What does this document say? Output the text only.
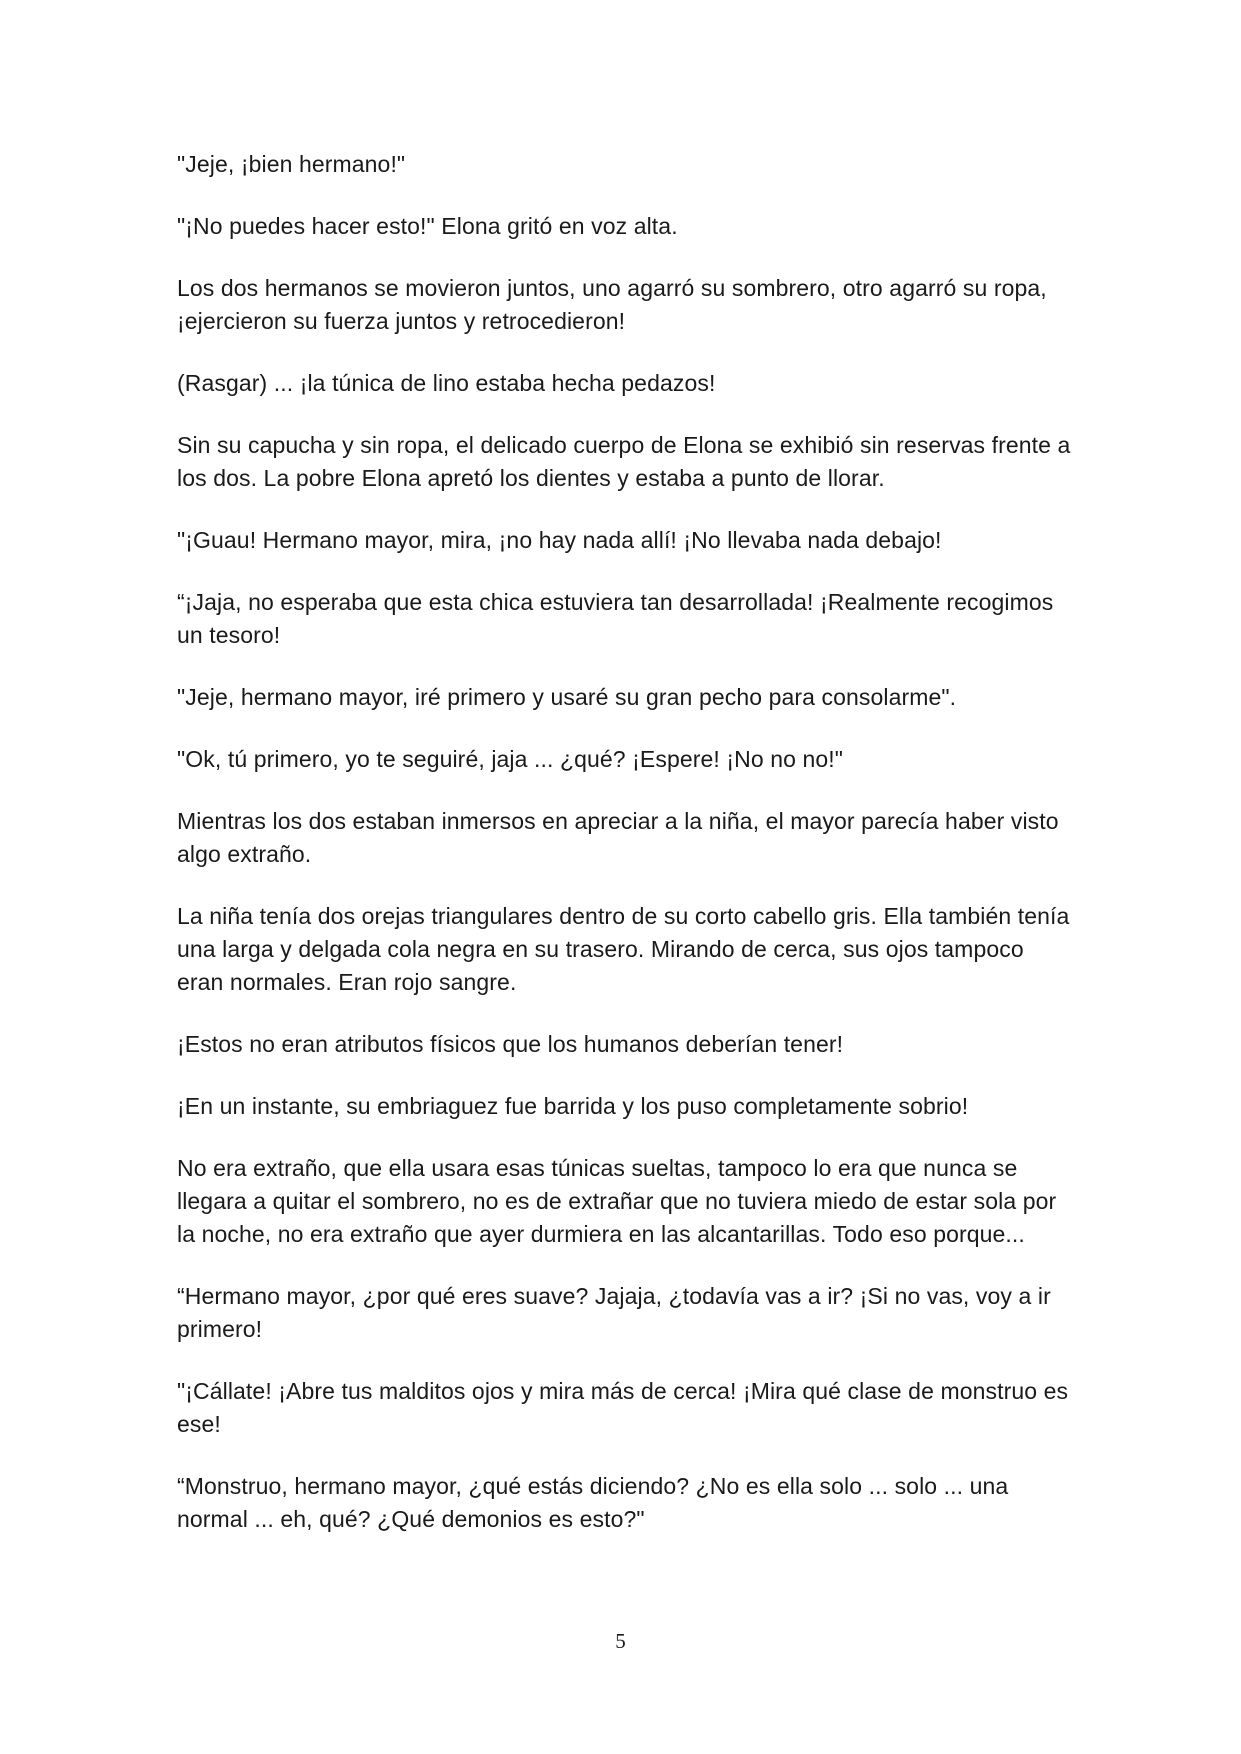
"Jeje, ¡bien hermano!"

"¡No puedes hacer esto!" Elona gritó en voz alta.

Los dos hermanos se movieron juntos, uno agarró su sombrero, otro agarró su ropa, ¡ejercieron su fuerza juntos y retrocedieron!

(Rasgar) ... ¡la túnica de lino estaba hecha pedazos!

Sin su capucha y sin ropa, el delicado cuerpo de Elona se exhibió sin reservas frente a los dos. La pobre Elona apretó los dientes y estaba a punto de llorar.

"¡Guau! Hermano mayor, mira, ¡no hay nada allí! ¡No llevaba nada debajo!

“¡Jaja, no esperaba que esta chica estuviera tan desarrollada! ¡Realmente recogimos un tesoro!

"Jeje, hermano mayor, iré primero y usaré su gran pecho para consolarme".

"Ok, tú primero, yo te seguiré, jaja ... ¿qué? ¡Espere! ¡No no no!"

Mientras los dos estaban inmersos en apreciar a la niña, el mayor parecía haber visto algo extraño.

La niña tenía dos orejas triangulares dentro de su corto cabello gris. Ella también tenía una larga y delgada cola negra en su trasero. Mirando de cerca, sus ojos tampoco eran normales. Eran rojo sangre.

¡Estos no eran atributos físicos que los humanos deberían tener!

¡En un instante, su embriaguez fue barrida y los puso completamente sobrio!

No era extraño, que ella usara esas túnicas sueltas, tampoco lo era que nunca se llegara a quitar el sombrero, no es de extrañar que no tuviera miedo de estar sola por la noche, no era extraño que ayer durmiera en las alcantarillas. Todo eso porque...

“Hermano mayor, ¿por qué eres suave? Jajaja, ¿todavía vas a ir? ¡Si no vas, voy a ir primero!

"¡Cállate! ¡Abre tus malditos ojos y mira más de cerca! ¡Mira qué clase de monstruo es ese!

“Monstruo, hermano mayor, ¿qué estás diciendo? ¿No es ella solo ... solo ... una normal ... eh, qué? ¿Qué demonios es esto?"

5
